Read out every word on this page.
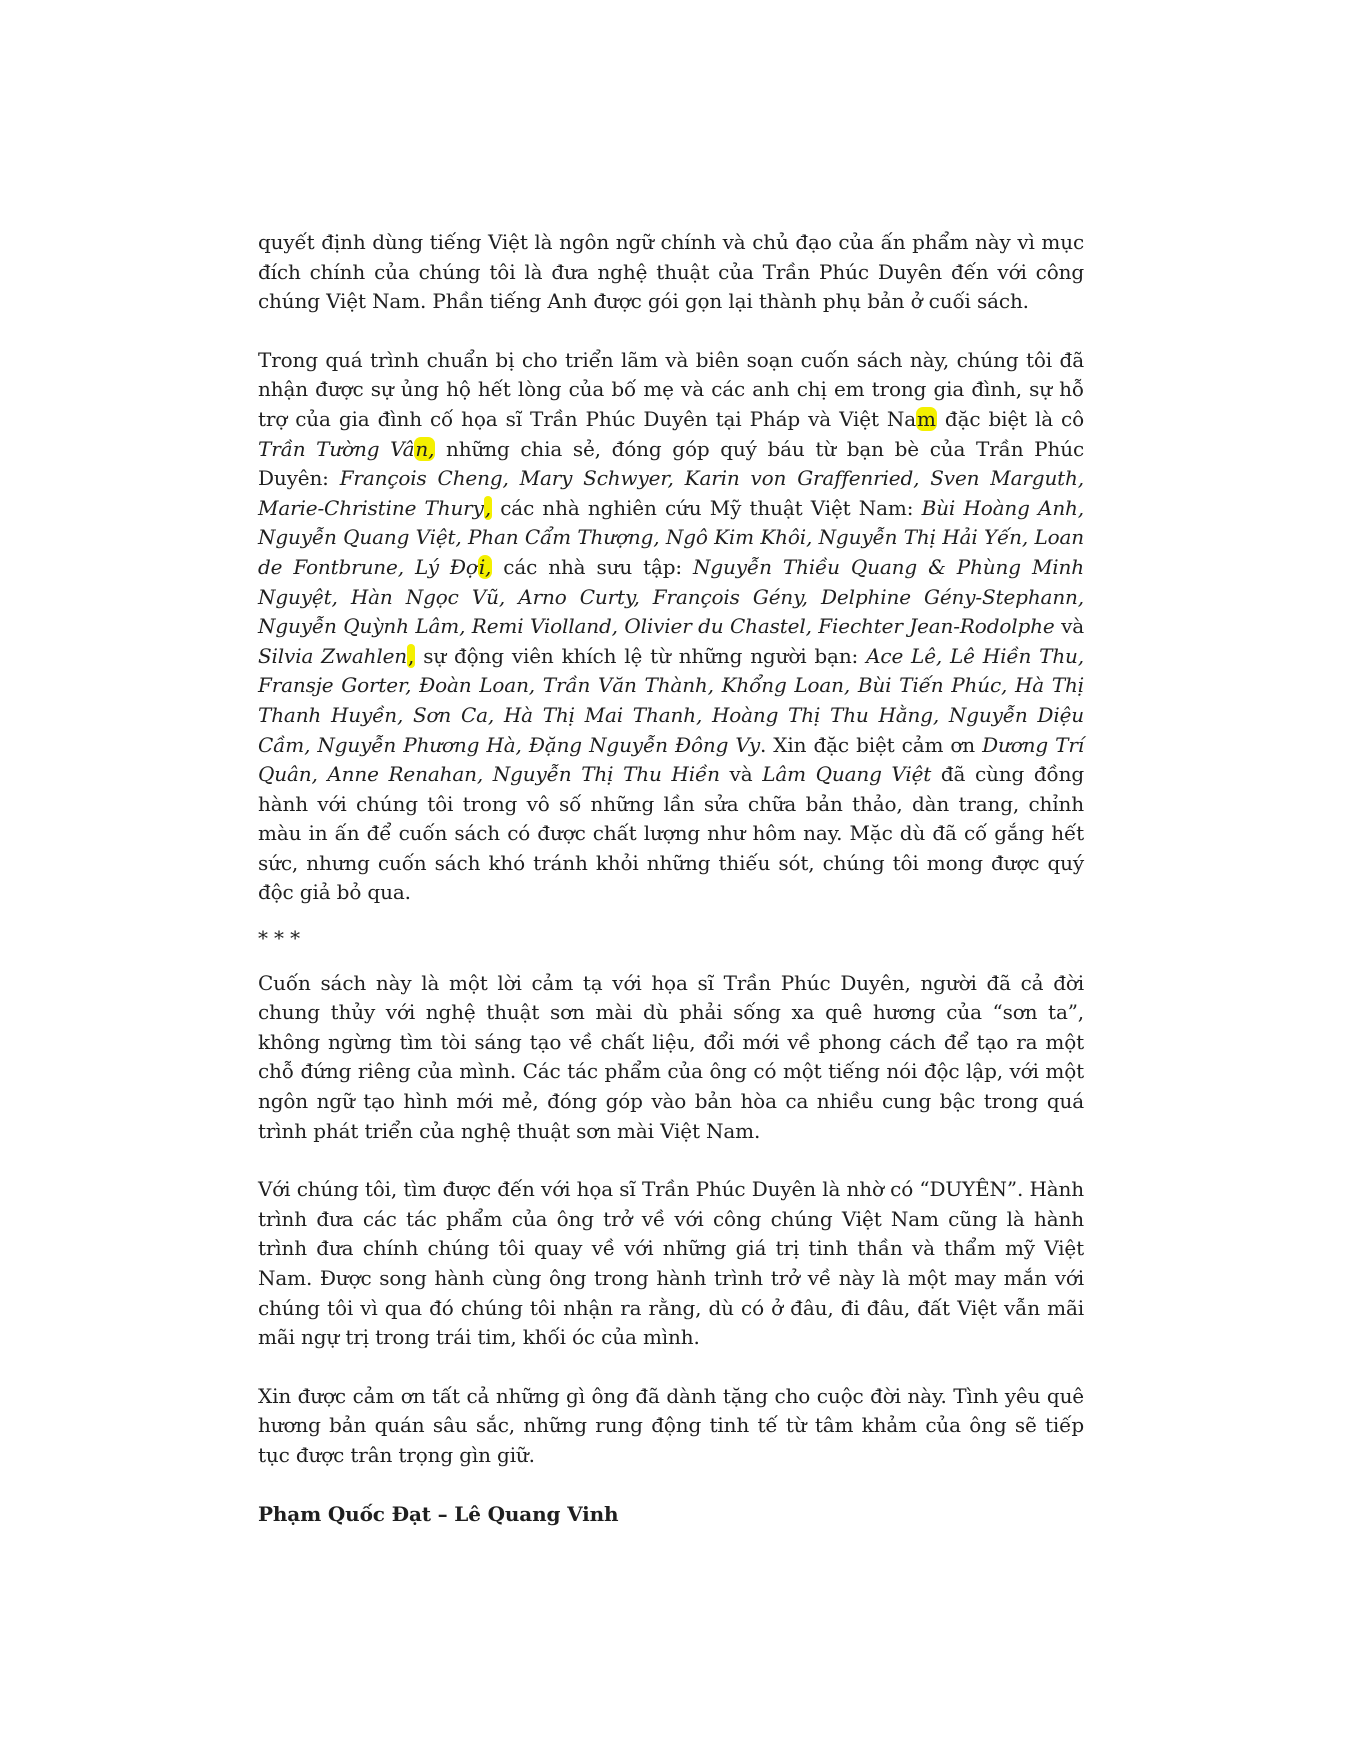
quyết định dùng tiếng Việt là ngôn ngữ chính và chủ đạo của ấn phẩm này vì mục đích chính của chúng tôi là đưa nghệ thuật của Trần Phúc Duyên đến với công chúng Việt Nam. Phần tiếng Anh được gói gọn lại thành phụ bản ở cuối sách.

Trong quá trình chuẩn bị cho triển lãm và biên soạn cuốn sách này, chúng tôi đã nhận được sự ủng hộ hết lòng của bố mẹ và các anh chị em trong gia đình, sự hỗ trợ của gia đình cố họa sĩ Trần Phúc Duyên tại Pháp và Việt Nam đặc biệt là cô Trần Tường Vân, những chia sẻ, đóng góp quý báu từ bạn bè của Trần Phúc Duyên: François Cheng, Mary Schwyer, Karin von Graffenried, Sven Marguth, Marie-Christine Thury, các nhà nghiên cứu Mỹ thuật Việt Nam: Bùi Hoàng Anh, Nguyễn Quang Việt, Phan Cẩm Thượng, Ngô Kim Khôi, Nguyễn Thị Hải Yến, Loan de Fontbrune, Lý Đợi, các nhà sưu tập: Nguyễn Thiều Quang & Phùng Minh Nguyệt, Hàn Ngọc Vũ, Arno Curty, François Gény, Delphine Gény-Stephann, Nguyễn Quỳnh Lâm, Remi Violland, Olivier du Chastel, Fiechter Jean-Rodolphe và Silvia Zwahlen, sự động viên khích lệ từ những người bạn: Ace Lê, Lê Hiền Thu, Fransje Gorter, Đoàn Loan, Trần Văn Thành, Khổng Loan, Bùi Tiến Phúc, Hà Thị Thanh Huyền, Sơn Ca, Hà Thị Mai Thanh, Hoàng Thị Thu Hằng, Nguyễn Diệu Cầm, Nguyễn Phương Hà, Đặng Nguyễn Đông Vy. Xin đặc biệt cảm ơn Dương Trí Quân, Anne Renahan, Nguyễn Thị Thu Hiền và Lâm Quang Việt đã cùng đồng hành với chúng tôi trong vô số những lần sửa chữa bản thảo, dàn trang, chỉnh màu in ấn để cuốn sách có được chất lượng như hôm nay. Mặc dù đã cố gắng hết sức, nhưng cuốn sách khó tránh khỏi những thiếu sót, chúng tôi mong được quý độc giả bỏ qua.

* * *

Cuốn sách này là một lời cảm tạ với họa sĩ Trần Phúc Duyên, người đã cả đời chung thủy với nghệ thuật sơn mài dù phải sống xa quê hương của “sơn ta”, không ngừng tìm tòi sáng tạo về chất liệu, đổi mới về phong cách để tạo ra một chỗ đứng riêng của mình. Các tác phẩm của ông có một tiếng nói độc lập, với một ngôn ngữ tạo hình mới mẻ, đóng góp vào bản hòa ca nhiều cung bậc trong quá trình phát triển của nghệ thuật sơn mài Việt Nam.

Với chúng tôi, tìm được đến với họa sĩ Trần Phúc Duyên là nhờ có “DUYÊN”. Hành trình đưa các tác phẩm của ông trở về với công chúng Việt Nam cũng là hành trình đưa chính chúng tôi quay về với những giá trị tinh thần và thẩm mỹ Việt Nam. Được song hành cùng ông trong hành trình trở về này là một may mắn với chúng tôi vì qua đó chúng tôi nhận ra rằng, dù có ở đâu, đi đâu, đất Việt vẫn mãi mãi ngự trị trong trái tim, khối óc của mình.

Xin được cảm ơn tất cả những gì ông đã dành tặng cho cuộc đời này. Tình yêu quê hương bản quán sâu sắc, những rung động tinh tế từ tâm khảm của ông sẽ tiếp tục được trân trọng gìn giữ.

Phạm Quốc Đạt – Lê Quang Vinh
